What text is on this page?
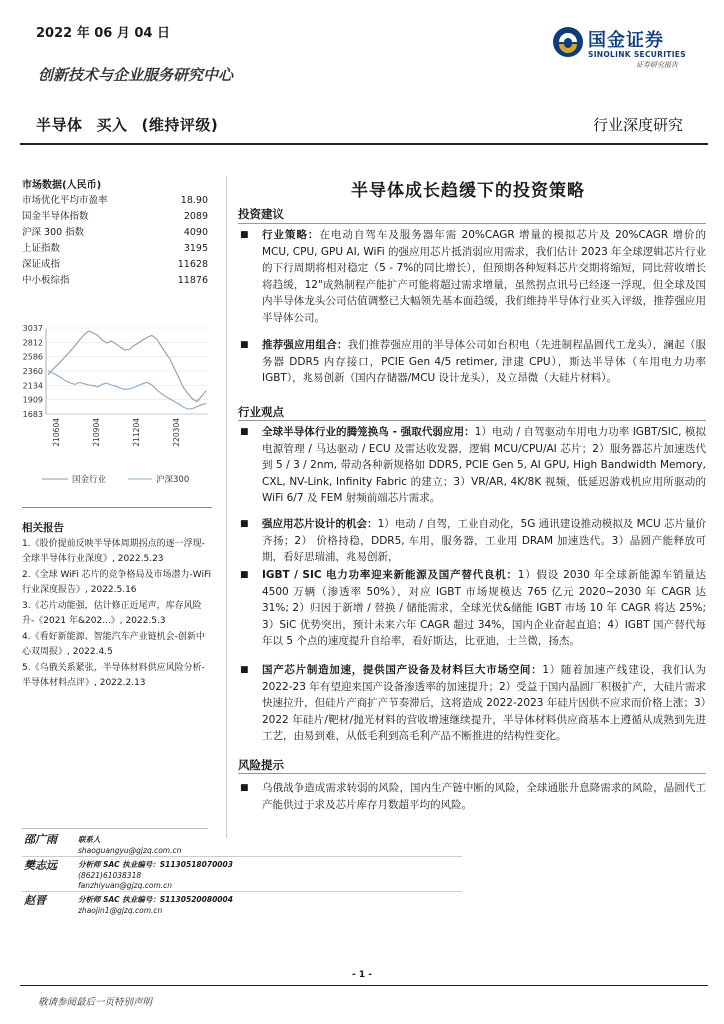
2022 年 06 月 04 日	国金证券
SINOLINK SECURITIES
证券研究报告
创新技术与企业服务研究中心
半导体 买入 (维持评级)	行业深度研究
市场数据(人民币)
市场优化平均市盈率	18.90
国金半导体指数	2089
沪深 300 指数	4090
上证指数	3195
深证成指	11628
中小板综指	11876
3037
2812
2586
2360
2134
1909
1683
210604	210904	211204	220304
国金行业	沪深300
相关报告
1.《股价提前反映半导体周期拐点的逐一浮现-全球半导体行业深度》, 2022.5.23
2.《全球 WiFi 芯片的竞争格局及市场潜力-WiFi 行业深度报告》, 2022.5.16
3.《芯片动能强，估计修正近尾声，库存风险升-《2021 年&202...》, 2022.5.3
4.《看好新能源、智能汽车产业链机会-创新中心双周报》, 2022.4.5
5.《乌俄关系紧张，半导体材料供应风险分析-半导体材料点评》, 2022.2.13
半导体成长趋缓下的投资策略
投资建议
■ 行业策略：在电动自驾车及服务器年需 20%CAGR 增量的模拟芯片及 20%CAGR 增价的 MCU, CPU, GPU AI, WiFi 的强应用芯片抵消弱应用需求，我们估计 2023 年全球逻辑芯片行业的下行周期将相对稳定（5 - 7%的同比增长），但预期各种短料芯片交期将缩短，同比营收增长将趋缓，12"成熟制程产能扩产可能将超过需求增量，虽然拐点讯号已经逐一浮现，但全球及国内半导体龙头公司估值调整已大幅领先基本面趋缓，我们维持半导体行业买入评级，推荐强应用半导体公司。
■ 推荐强应用组合：我们推荐强应用的半导体公司如台积电（先进制程晶圆代工龙头），澜起（服务器 DDR5 内存接口，PCIE Gen 4/5 retimer, 津逮 CPU），斯达半导体（车用电力功率 IGBT），兆易创新（国内存储器/MCU 设计龙头），及立昂微（大硅片材料）。
行业观点
■ 全球半导体行业的腾笼换鸟 - 强取代弱应用：1）电动 / 自驾驱动车用电力功率 IGBT/SIC, 模拟电源管理 / 马达驱动 / ECU 及雷达收发器，逻辑 MCU/CPU/AI 芯片；2）服务器芯片加速迭代到 5 / 3 / 2nm, 带动各种新规格如 DDR5, PCIE Gen 5, AI GPU, High Bandwidth Memory, CXL, NV-Link, Infinity Fabric 的建立；3）VR/AR, 4K/8K 视频，低延迟游戏机应用所驱动的 WiFi 6/7 及 FEM 射频前端芯片需求。
■ 强应用芯片设计的机会：1）电动 / 自驾，工业自动化，5G 通讯建设推动模拟及 MCU 芯片量价齐扬；2） 价格持稳，DDR5, 车用，服务器，工业用 DRAM 加速迭代。3）晶圆产能释放可期，看好思瑞浦，兆易创新，
■ IGBT / SIC 电力功率迎来新能源及国产替代良机：1）假设 2030 年全球新能源车销量达 4500 万辆（渗透率 50%），对应 IGBT 市场规模达 765 亿元 2020~2030 年 CAGR 达 31%; 2）归因于新增 / 替换 / 储能需求，全球光伏&储能 IGBT 市场 10 年 CAGR 将达 25%; 3）SiC 优势突出，预计未来六年 CAGR 超过 34%，国内企业奋起直追；4）IGBT 国产替代每年以 5 个点的速度提升自给率，看好斯达，比亚迪，士兰微，扬杰。
■ 国产芯片制造加速，提供国产设备及材料巨大市场空间：1）随着加速产线建设，我们认为 2022-23 年有望迎来国产设备渗透率的加速提升；2）受益于国内晶圆厂积极扩产，大硅片需求快速拉升，但硅片产商扩产节奏滞后，这将造成 2022-2023 年硅片因供不应求而价格上涨；3）2022 年硅片/靶材/抛光材料的营收增速继续提升，半导体材料供应商基本上遵循从成熟到先进工艺，由易到难，从低毛利到高毛利产品不断推进的结构性变化。
风险提示
■ 乌俄战争造成需求转弱的风险，国内生产链中断的风险，全球通胀升息降需求的风险，晶圆代工产能供过于求及芯片库存月数超平均的风险。
邵广雨	联系人
shaoguangyu@gjzq.com.cn
樊志远	分析师 SAC 执业编号：S1130518070003
(8621)61038318
fanzhiyuan@gjzq.com.cn
赵晋	分析师 SAC 执业编号：S1130520080004
zhaojin1@gjzq.com.cn
- 1 -
敬请参阅最后一页特别声明
